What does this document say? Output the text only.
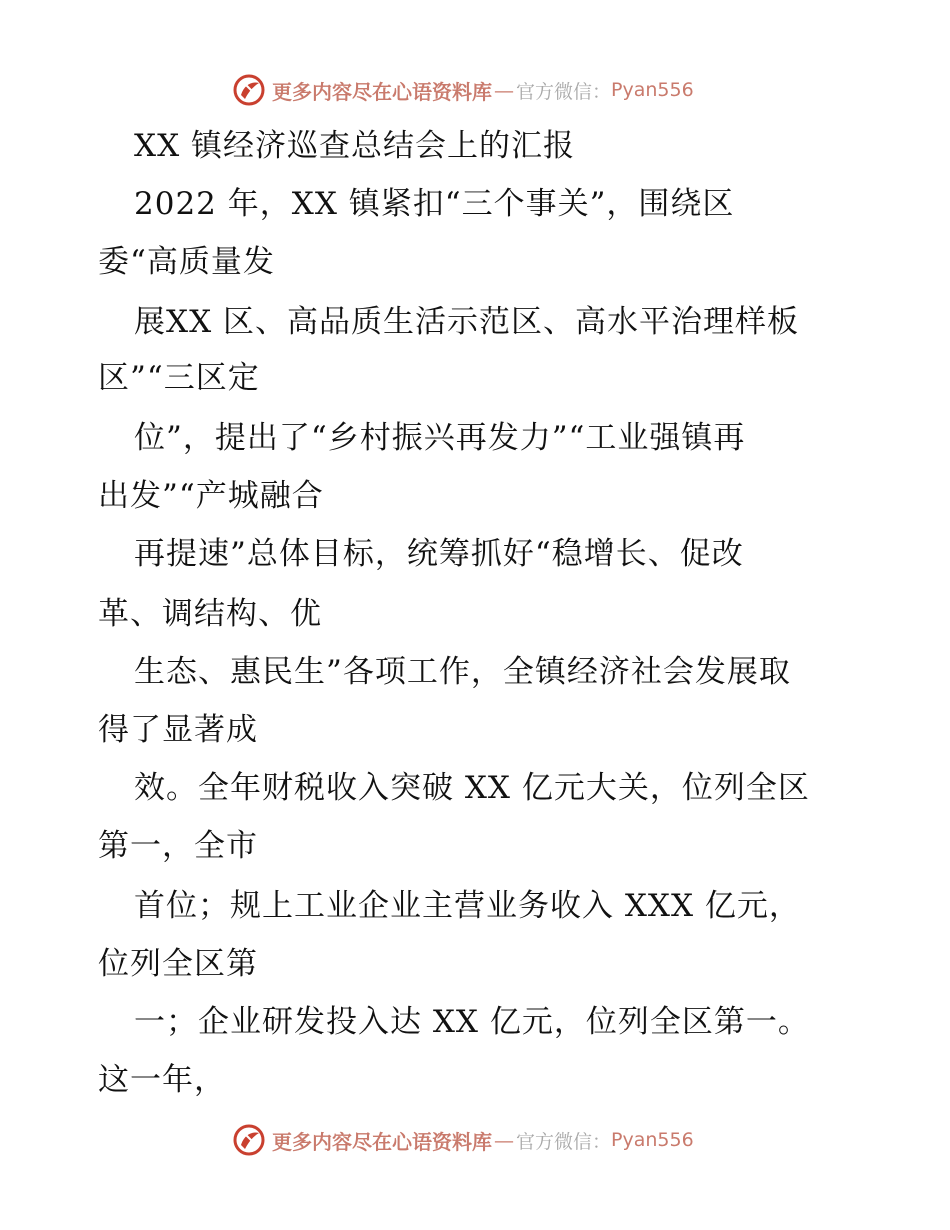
更多内容尽在心语资料库 — 官方微信： Pyan556
XX 镇经济巡查总结会上的汇报
2022 年，XX 镇紧扣“三个事关”，围绕区
委“高质量发
展XX 区、高品质生活示范区、高水平治理样板
区”“三区定
位”，提出了“乡村振兴再发力”“工业强镇再
出发”“产城融合
再提速”总体目标，统筹抓好“稳增长、促改
革、调结构、优
生态、惠民生”各项工作，全镇经济社会发展取
得了显著成
效。全年财税收入突破 XX 亿元大关，位列全区
第一，全市
首位；规上工业企业主营业务收入 XXX 亿元，
位列全区第
一；企业研发投入达 XX 亿元，位列全区第一。
这一年，
更多内容尽在心语资料库 — 官方微信： Pyan556
